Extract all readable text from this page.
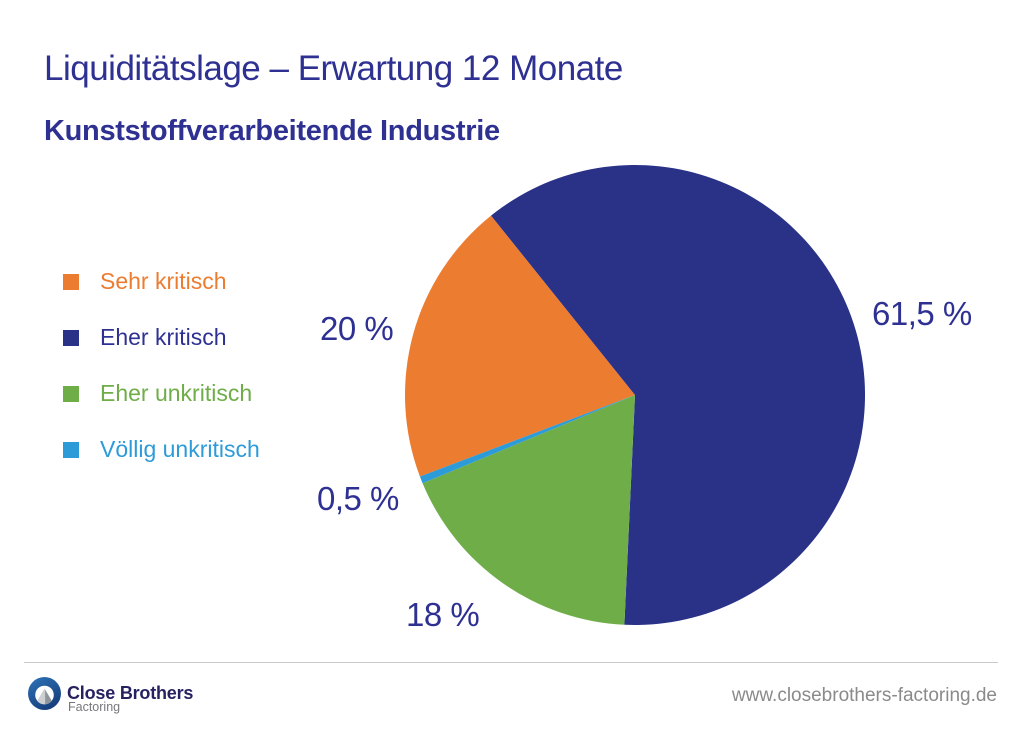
Liquiditätslage – Erwartung 12 Monate
Kunststoffverarbeitende Industrie
Sehr kritisch
Eher kritisch
Eher unkritisch
Völlig unkritisch
20 %	61,5 %
18 %
0,5 %
Close Brothers
Factoring
www.closebrothers-factoring.de
